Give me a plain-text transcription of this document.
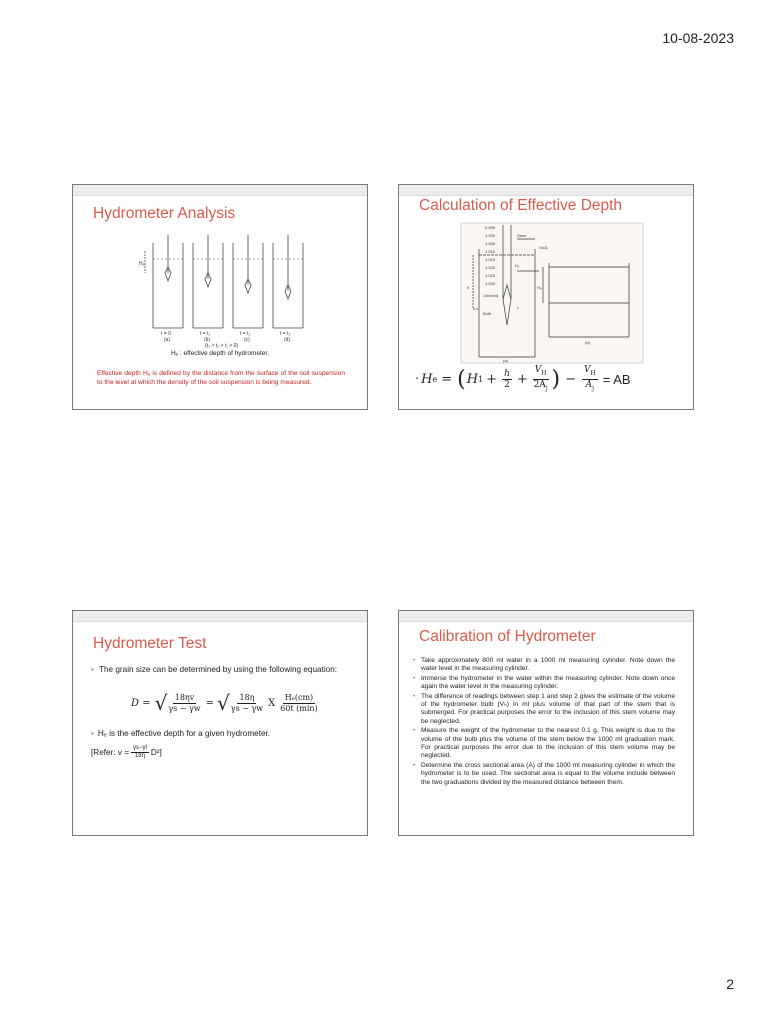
10-08-2023
Hydrometer Analysis
Hₑ
t = 0	t = t₁	t = t₂	t = t₃
(a)	(b)	(c)	(d)
(t₃ > t₂ > t₁ > 0)
Hₑ : effective depth of hydrometer.
Effective depth Hₑ is defined by the distance from the surface of the soil suspension to the level at which the density of the soil suspension is being measured.
Calculation of Effective Depth
0.995
1.000
1.005
1.010
1.015
1.020
1.025
1.030
Stem
Centroid
Bulb
H₁
h
L
Hₑ
Vₕ/Aⱼ
(a)
(b)
• H e = ( H $1 + \frac{h}{2} + \frac{V_H}{2A_j}$ ) − $\frac{V_H}{A_j}$ = AB
Hydrometer Test
• The grain size can be determined by using the following equation:
D = √ $\frac{18\eta v}{\gamma s - \gamma w}$ = √ $\frac{18\eta}{\gamma s - \gamma w}$ X $\frac{\text{Hₑ(cm)}}{60t (\min)}$
• Hₑ is the effective depth for a given hydrometer.
[Refer: $v = \frac{\gamma s-\gamma l}{18\eta} D^2$]
Calibration of Hydrometer
• Take approximately 800 ml water in a 1000 ml measuring cylinder. Note down the water level in the measuring cylinder.
• Immerse the hydrometer in the water within the measuring cylinder. Note down once again the water level in the measuring cylinder.
• The difference of readings between step 1 and step 2 gives the estimate of the volume of the hydrometer bulb (Vₕ) in ml plus volume of that part of the stem that is submerged. For practical purposes the error to the inclusion of this stem volume may be neglected.
• Measure the weight of the hydrometer to the nearest 0.1 g. This weight is due to the volume of the bulb plus the volume of the stem below the 1000 ml graduation mark. For practical purposes the error due to the inclusion of this stem volume may be neglected.
• Determine the cross sectional area (A) of the 1000 ml measuring cylinder in which the hydrometer is to be used. The sectional area is equal to the volume include between the two graduations divided by the measured distance between them.
2
